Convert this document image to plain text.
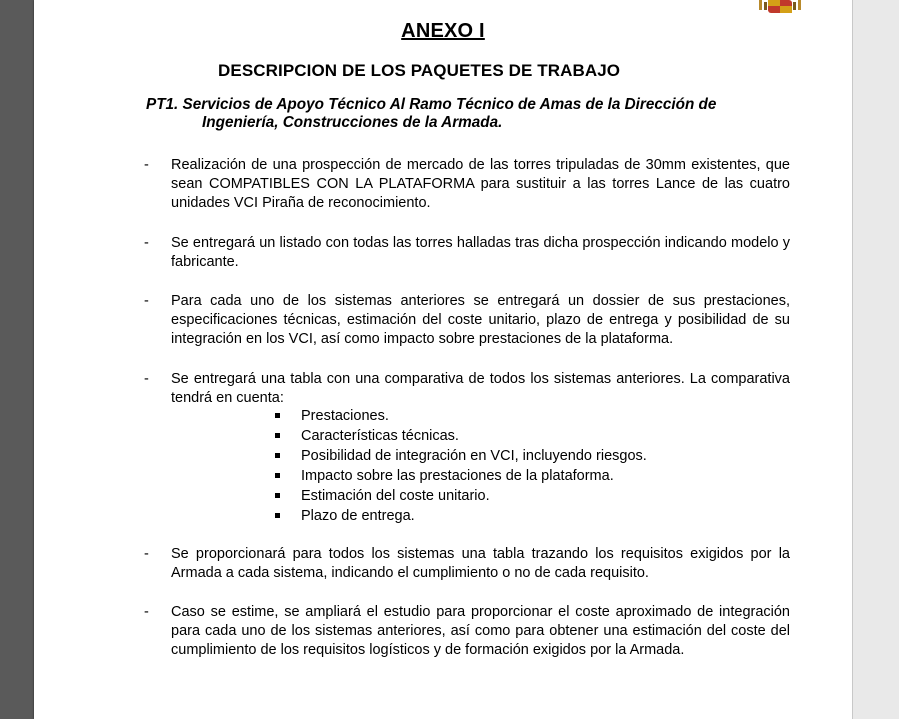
ANEXO I
DESCRIPCION DE LOS PAQUETES DE TRABAJO
PT1. Servicios de Apoyo Técnico Al Ramo Técnico de Amas de la Dirección de
Ingeniería, Construcciones de la Armada.
- Realización de una prospección de mercado de las torres tripuladas de 30mm existentes, que sean COMPATIBLES CON LA PLATAFORMA para sustituir a las torres Lance de las cuatro unidades VCI Piraña de reconocimiento.
- Se entregará un listado con todas las torres halladas tras dicha prospección indicando modelo y fabricante.
- Para cada uno de los sistemas anteriores se entregará un dossier de sus prestaciones, especificaciones técnicas, estimación del coste unitario, plazo de entrega y posibilidad de su integración en los VCI, así como impacto sobre prestaciones de la plataforma.
- Se entregará una tabla con una comparativa de todos los sistemas anteriores. La comparativa tendrá en cuenta:
Prestaciones.
Características técnicas.
Posibilidad de integración en VCI, incluyendo riesgos.
Impacto sobre las prestaciones de la plataforma.
Estimación del coste unitario.
Plazo de entrega.
- Se proporcionará para todos los sistemas una tabla trazando los requisitos exigidos por la Armada a cada sistema, indicando el cumplimiento o no de cada requisito.
- Caso se estime, se ampliará el estudio para proporcionar el coste aproximado de integración para cada uno de los sistemas anteriores, así como para obtener una estimación del coste del cumplimiento de los requisitos logísticos y de formación exigidos por la Armada.
